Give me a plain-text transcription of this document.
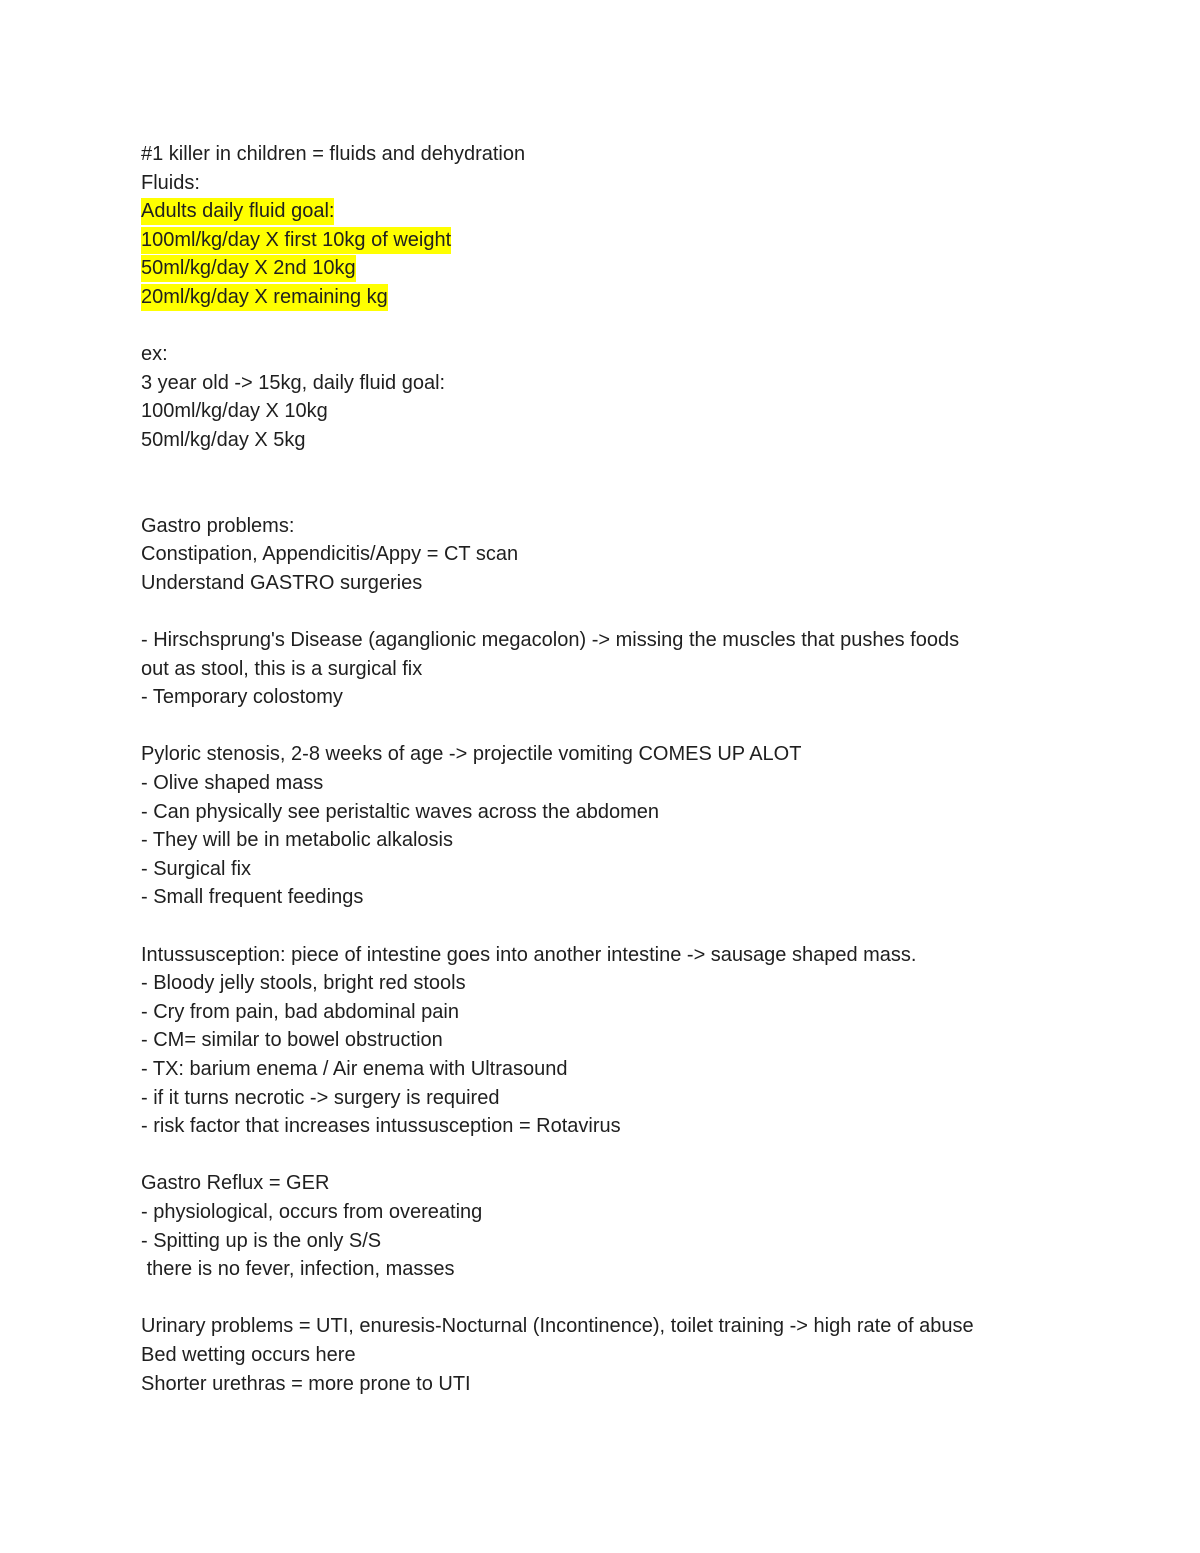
#1 killer in children = fluids and dehydration
Fluids:
Adults daily fluid goal:
100ml/kg/day X first 10kg of weight
50ml/kg/day X 2nd 10kg
20ml/kg/day X remaining kg
ex:
3 year old -> 15kg, daily fluid goal:
100ml/kg/day X 10kg
50ml/kg/day X 5kg
Gastro problems:
Constipation, Appendicitis/Appy = CT scan
Understand GASTRO surgeries
- Hirschsprung's Disease (aganglionic megacolon) -> missing the muscles that pushes foods
out as stool, this is a surgical fix
- Temporary colostomy
Pyloric stenosis, 2-8 weeks of age -> projectile vomiting COMES UP ALOT
- Olive shaped mass
- Can physically see peristaltic waves across the abdomen
- They will be in metabolic alkalosis
- Surgical fix
- Small frequent feedings
Intussusception: piece of intestine goes into another intestine -> sausage shaped mass.
- Bloody jelly stools, bright red stools
- Cry from pain, bad abdominal pain
- CM= similar to bowel obstruction
- TX: barium enema / Air enema with Ultrasound
- if it turns necrotic -> surgery is required
- risk factor that increases intussusception = Rotavirus
Gastro Reflux = GER
- physiological, occurs from overeating
- Spitting up is the only S/S
there is no fever, infection, masses
Urinary problems = UTI, enuresis-Nocturnal (Incontinence), toilet training -> high rate of abuse
Bed wetting occurs here
Shorter urethras = more prone to UTI
